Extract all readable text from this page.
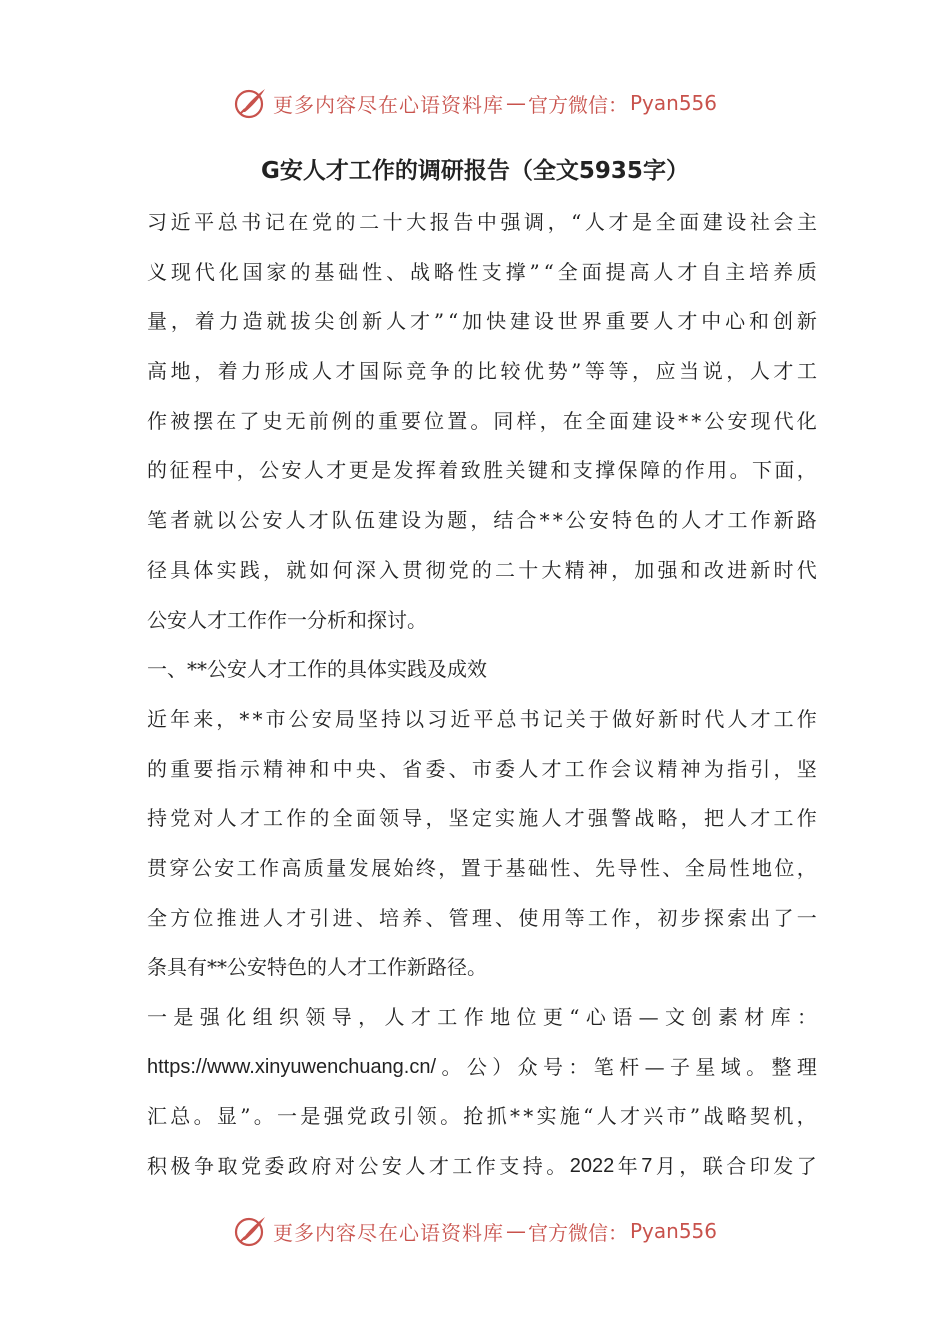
更多内容尽在心语资料库 — 官方微信： Pyan556
G安人才工作的调研报告（全文5935字）
习 近 平 总 书 记 在 党 的 二 十 大 报 告 中 强 调 ， “ 人 才 是 全 面 建 设 社 会 主
义 现 代 化 国 家 的 基 础 性 、 战 略 性 支 撑 ” “ 全 面 提 高 人 才 自 主 培 养 质
量 ， 着 力 造 就 拔 尖 创 新 人 才 ” “ 加 快 建 设 世 界 重 要 人 才 中 心 和 创 新
高 地 ， 着 力 形 成 人 才 国 际 竞 争 的 比 较 优 势 ” 等 等 ， 应 当 说 ， 人 才 工
作 被 摆 在 了 史 无 前 例 的 重 要 位 置 。 同 样 ， 在 全 面 建 设 * * 公 安 现 代 化
的 征 程 中 ， 公 安 人 才 更 是 发 挥 着 致 胜 关 键 和 支 撑 保 障 的 作 用 。 下 面 ，
笔 者 就 以 公 安 人 才 队 伍 建 设 为 题 ， 结 合 * * 公 安 特 色 的 人 才 工 作 新 路
径 具 体 实 践 ， 就 如 何 深 入 贯 彻 党 的 二 十 大 精 神 ， 加 强 和 改 进 新 时 代
公 安 人 才 工 作 作 一 分 析 和 探 讨 。
一 、 * * 公 安 人 才 工 作 的 具 体 实 践 及 成 效
近 年 来 ， * * 市 公 安 局 坚 持 以 习 近 平 总 书 记 关 于 做 好 新 时 代 人 才 工 作
的 重 要 指 示 精 神 和 中 央 、 省 委 、 市 委 人 才 工 作 会 议 精 神 为 指 引 ， 坚
持 党 对 人 才 工 作 的 全 面 领 导 ， 坚 定 实 施 人 才 强 警 战 略 ， 把 人 才 工 作
贯 穿 公 安 工 作 高 质 量 发 展 始 终 ， 置 于 基 础 性 、 先 导 性 、 全 局 性 地 位 ，
全 方 位 推 进 人 才 引 进 、 培 养 、 管 理 、 使 用 等 工 作 ， 初 步 探 索 出 了 一
条 具 有 * * 公 安 特 色 的 人 才 工 作 新 路 径 。
一 是 强 化 组 织 领 导 ， 人 才 工 作 地 位 更 “ 心 语 — 文 创 素 材 库 ：
https://www.xinyuwenchuang.cn/ 。 公 ） 众 号 ： 笔 杆 — 子 星 域 。 整 理
汇 总 。 显 ” 。 一 是 强 党 政 引 领 。 抢 抓 * * 实 施 “ 人 才 兴 市 ” 战 略 契 机 ，
积 极 争 取 党 委 政 府 对 公 安 人 才 工 作 支 持 。 2022 年 7 月 ， 联 合 印 发 了
更多内容尽在心语资料库 — 官方微信： Pyan556
